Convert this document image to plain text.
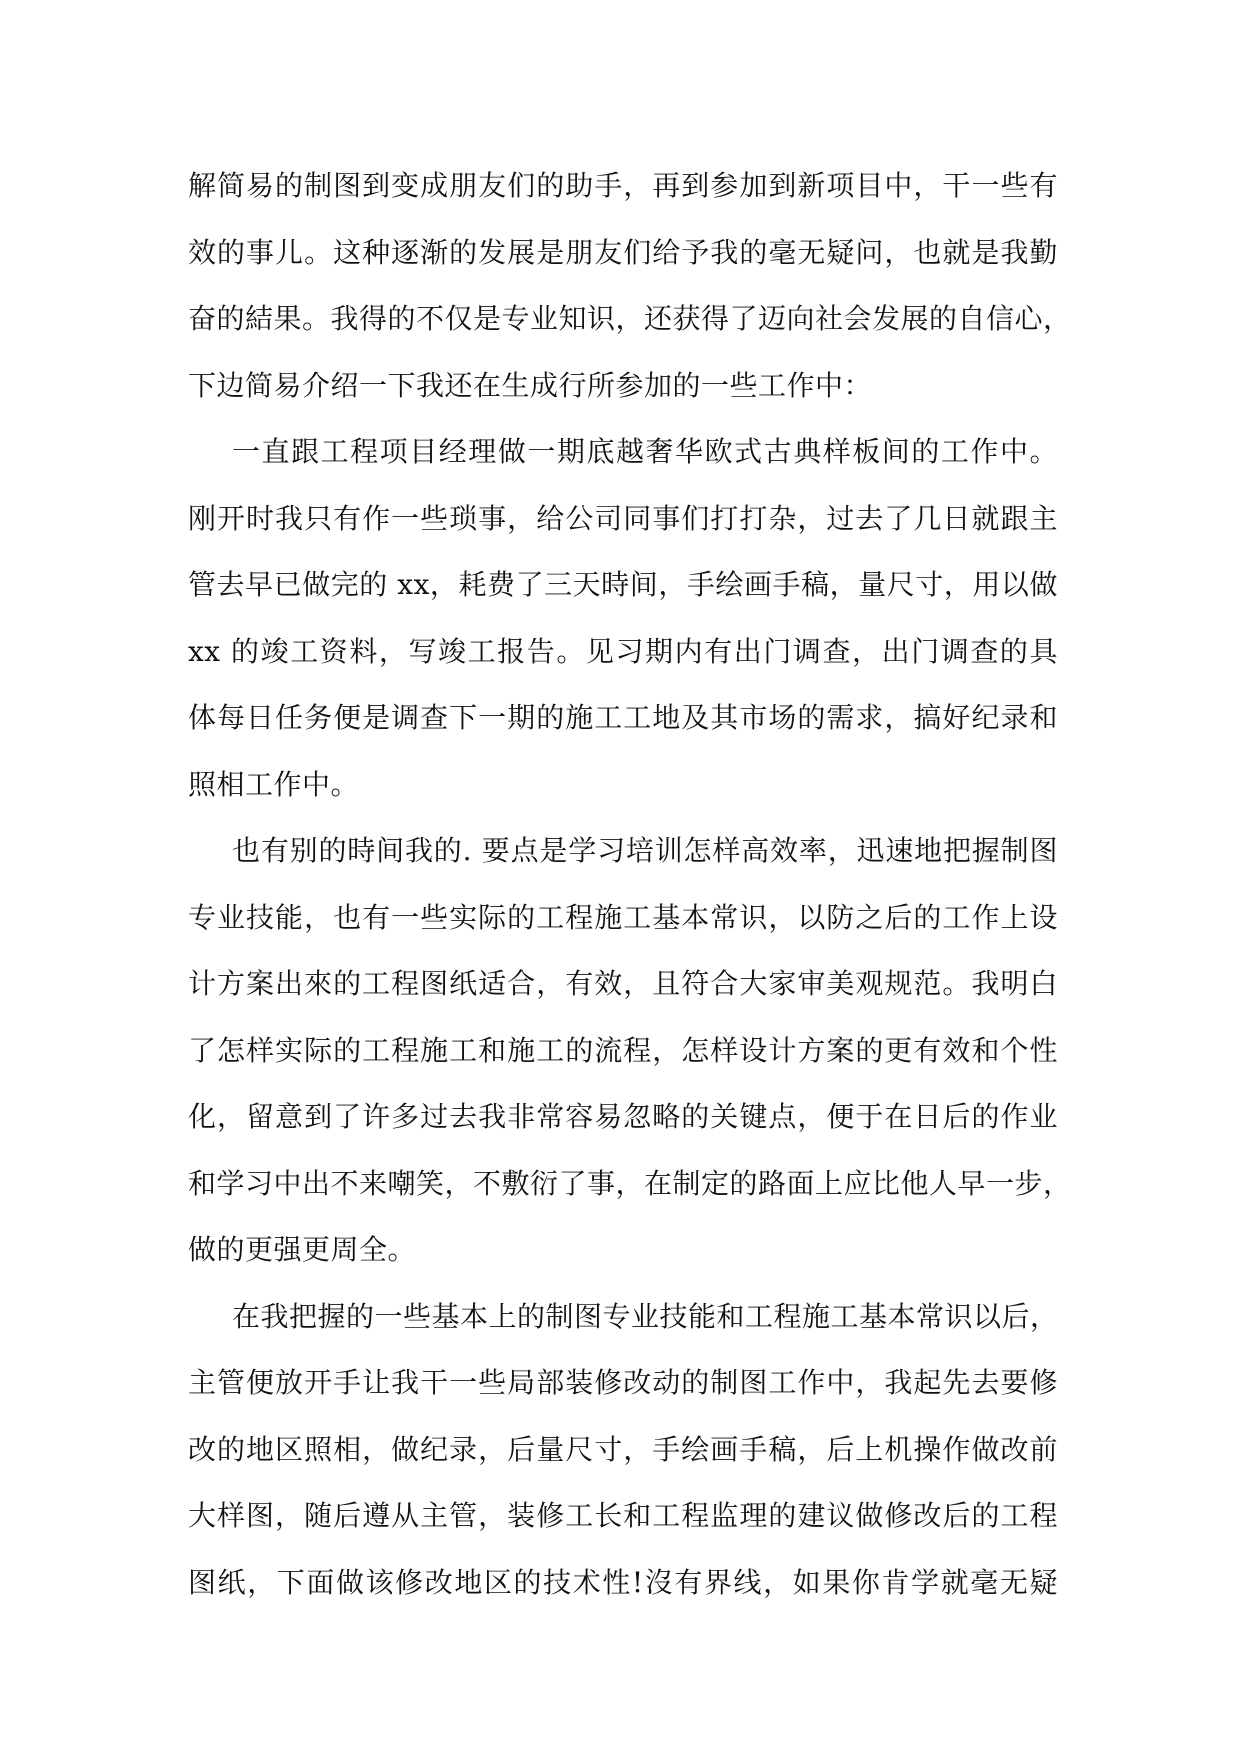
解简易的制图到变成朋友们的助手，再到参加到新项目中，干一些有
效的事儿。这种逐渐的发展是朋友们给予我的毫无疑问，也就是我勤
奋的結果。我得的不仅是专业知识，还获得了迈向社会发展的自信心，
下边简易介绍一下我还在生成行所参加的一些工作中：
一直跟工程项目经理做一期底越奢华欧式古典样板间的工作中。
刚开时我只有作一些琐事，给公司同事们打打杂，过去了几日就跟主
管去早已做完的 xx，耗费了三天時间，手绘画手稿，量尺寸，用以做
xx 的竣工资料，写竣工报告。见习期内有出门调查，出门调查的具
体每日任务便是调查下一期的施工工地及其市场的需求，搞好纪录和
照相工作中。
也有别的時间我的. 要点是学习培训怎样高效率，迅速地把握制图
专业技能，也有一些实际的工程施工基本常识，以防之后的工作上设
计方案出來的工程图纸适合，有效，且符合大家审美观规范。我明白
了怎样实际的工程施工和施工的流程，怎样设计方案的更有效和个性
化，留意到了许多过去我非常容易忽略的关键点，便于在日后的作业
和学习中出不来嘲笑，不敷衍了事，在制定的路面上应比他人早一步，
做的更强更周全。
在我把握的一些基本上的制图专业技能和工程施工基本常识以后，
主管便放开手让我干一些局部装修改动的制图工作中，我起先去要修
改的地区照相，做纪录，后量尺寸，手绘画手稿，后上机操作做改前
大样图，随后遵从主管，装修工长和工程监理的建议做修改后的工程
图纸，下面做该修改地区的技术性!沒有界线，如果你肯学就毫无疑
